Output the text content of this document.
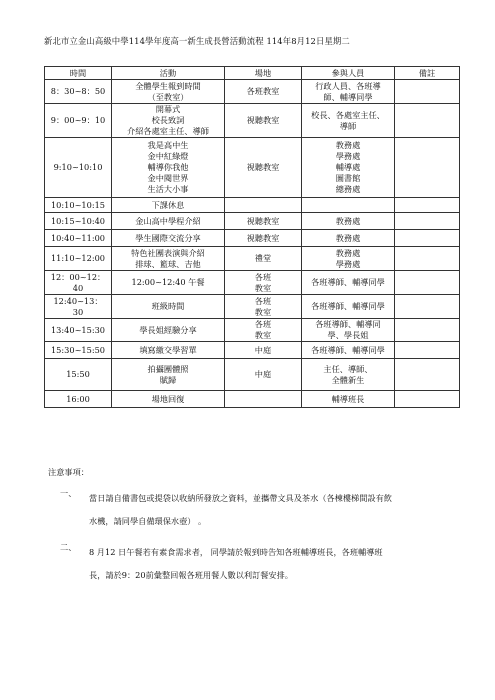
新北市立金山高級中學114學年度高一新生成長營活動流程 114年8月12日星期二
時間	活動	場地	參與人員	備註

8：30~8：50	全體學生報到時間
（至教室）	各班教室	行政人員、各班導
師、輔導同學	

9：00~9：10	開幕式
校長致詞
介紹各處室主任、導師	視聽教室	校長、各處室主任、
導師	

9:10~10:10	我是高中生
金中紅綠燈
輔導你我他
金中閱世界
生活大小事	視聽教室	教務處
學務處
輔導處
圖書館
總務處	

10:10~10:15	下課休息			

10:15~10:40	金山高中學程介紹	視聽教室	教務處	

10:40~11:00	學生國際交流分享	視聽教室	教務處	

11:10~12:00	特色社團表演與介紹
排球、籃球、吉他	禮堂	教務處
學務處	

12：00~12：
40	12:00~12:40 午餐	各班
教室	各班導師、輔導同學	

12:40~13：
30	班級時間	各班
教室	各班導師、輔導同學	

13:40~15:30	學長姐經驗分享	各班
教室	各班導師、輔導同
學、學長姐	

15:30~15:50	填寫繳交學習單	中庭	各班導師、輔導同學	

15:50	拍攝團體照
賦歸	中庭	主任、導師、
全體新生	

16:00	場地回復		輔導班長	

注意事項：
一、 當日請自備書包或提袋以收納所發放之資料，並攜帶文具及茶水（各棟樓梯間設有飲
水機，請同學自備環保水壺） 。
二、 8 月12 日午餐若有素食需求者， 同學請於報到時告知各班輔導班長，各班輔導班
長，請於9：20前彙整回報各班用餐人數以利訂餐安排。
